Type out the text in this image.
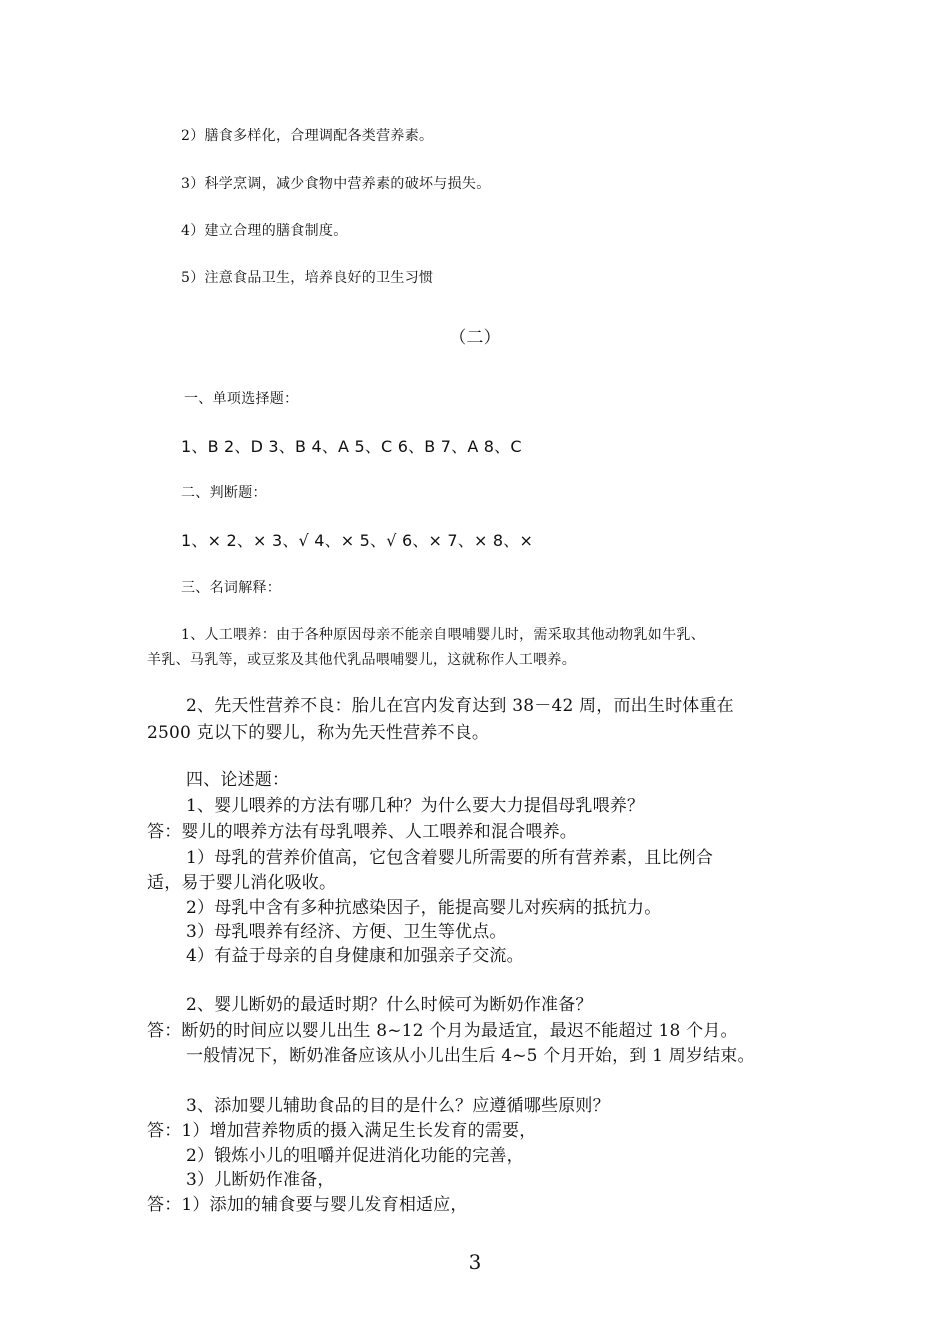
2）膳食多样化，合理调配各类营养素。
3）科学烹调，减少食物中营养素的破坏与损失。
4）建立合理的膳食制度。
5）注意食品卫生，培养良好的卫生习惯
（二）
一、单项选择题：
1、B 2、D 3、B 4、A 5、C 6、B 7、A 8、C
二、判断题：
1、× 2、× 3、√ 4、× 5、√ 6、× 7、× 8、×
三、名词解释：
1、人工喂养：由于各种原因母亲不能亲自喂哺婴儿时，需采取其他动物乳如牛乳、
羊乳、马乳等，或豆浆及其他代乳品喂哺婴儿，这就称作人工喂养。
2、先天性营养不良：胎儿在宫内发育达到 38－42 周，而出生时体重在
2500 克以下的婴儿，称为先天性营养不良。
四、论述题：
1、婴儿喂养的方法有哪几种？为什么要大力提倡母乳喂养？
答：婴儿的喂养方法有母乳喂养、人工喂养和混合喂养。
1）母乳的营养价值高，它包含着婴儿所需要的所有营养素，且比例合
适，易于婴儿消化吸收。
2）母乳中含有多种抗感染因子，能提高婴儿对疾病的抵抗力。
3）母乳喂养有经济、方便、卫生等优点。
4）有益于母亲的自身健康和加强亲子交流。
2、婴儿断奶的最适时期？什么时候可为断奶作准备？
答：断奶的时间应以婴儿出生 8~12 个月为最适宜，最迟不能超过 18 个月。
一般情况下，断奶准备应该从小儿出生后 4~5 个月开始，到 1 周岁结束。
3、添加婴儿辅助食品的目的是什么？应遵循哪些原则？
答：1）增加营养物质的摄入满足生长发育的需要，
2）锻炼小儿的咀嚼并促进消化功能的完善，
3）儿断奶作准备，
答：1）添加的辅食要与婴儿发育相适应，
3
